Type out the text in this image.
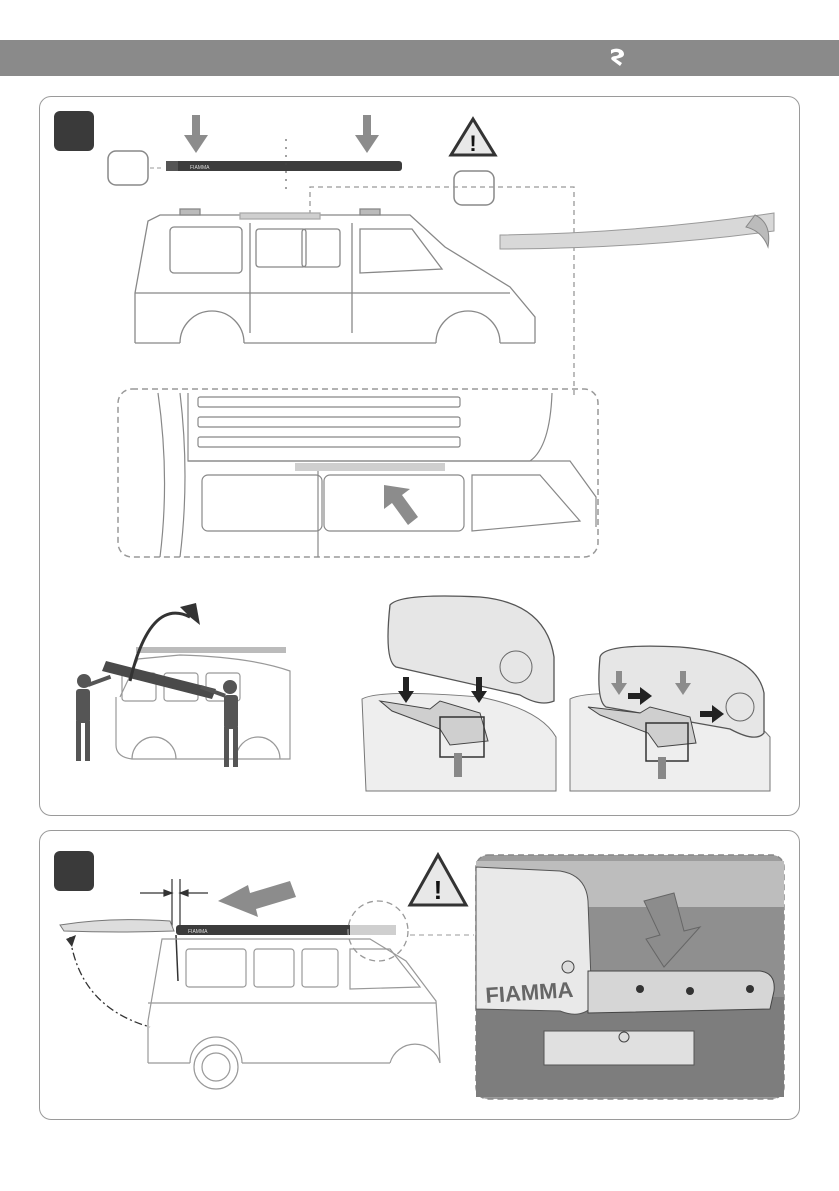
FIAMMA
!
!
FIAMMA
FIAMMA
